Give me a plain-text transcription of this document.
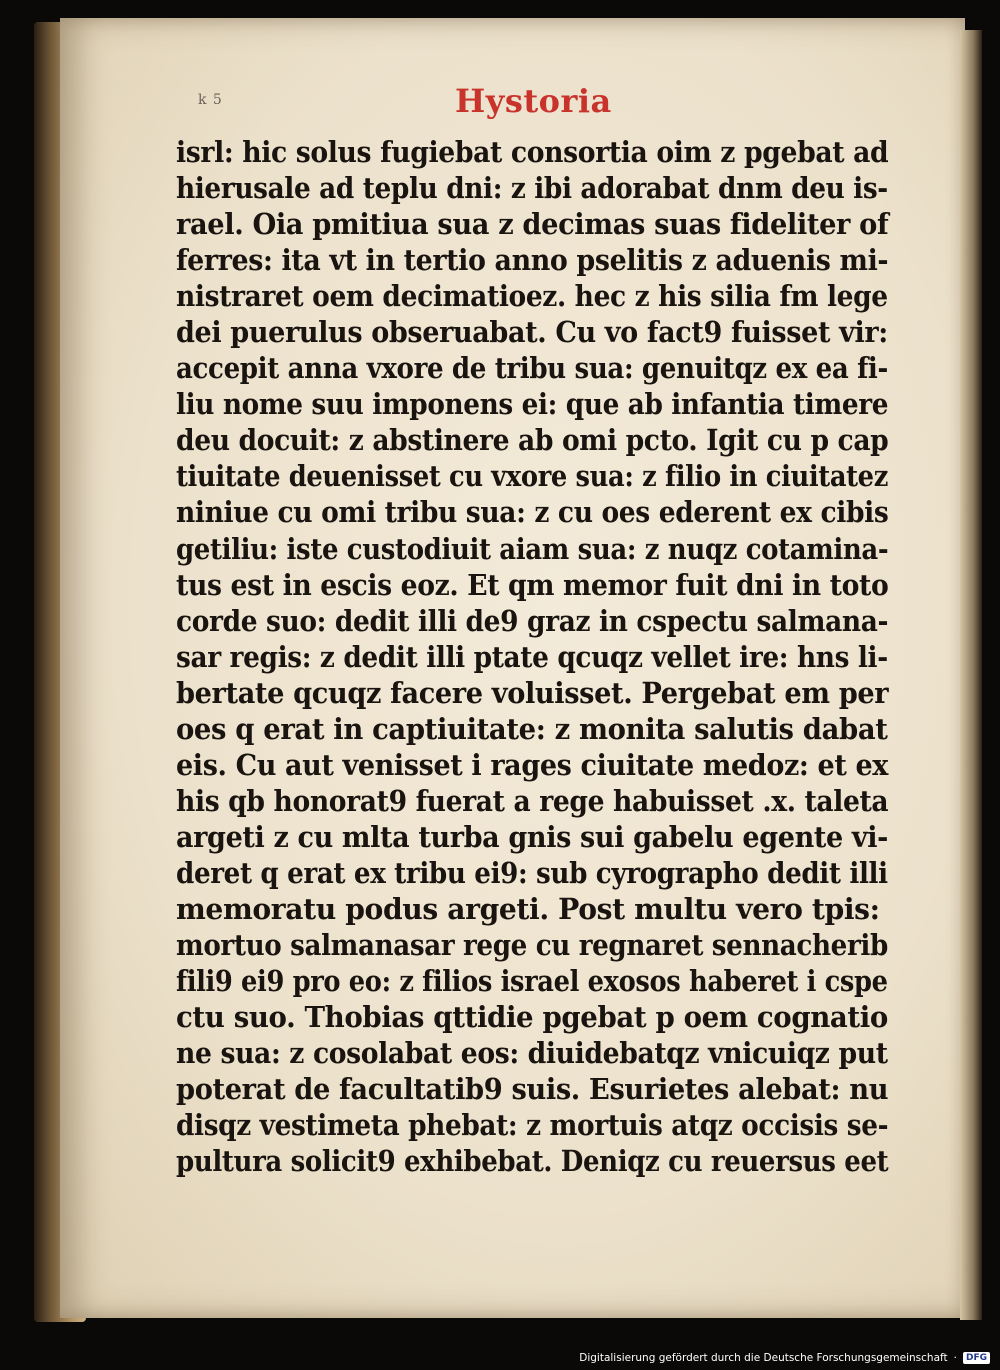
k 5	Hystoria
isrl: hic solus fugiebat consortia oim z pgebat ad
hierusale ad teplu dni: z ibi adorabat dnm deu is-
rael. Oia pmitiua sua z decimas suas fideliter of
ferres: ita vt in tertio anno pselitis z aduenis mi-
nistraret oem decimatioez. hec z his silia fm lege
dei puerulus obseruabat. Cu vo fact9 fuisset vir:
accepit anna vxore de tribu sua: genuitqz ex ea fi-
liu nome suu imponens ei: que ab infantia timere
deu docuit: z abstinere ab omi pcto. Igit cu p cap
tiuitate deuenisset cu vxore sua: z filio in ciuitatez
niniue cu omi tribu sua: z cu oes ederent ex cibis
getiliu: iste custodiuit aiam sua: z nuqz cotamina-
tus est in escis eoz. Et qm memor fuit dni in toto
corde suo: dedit illi de9 graz in cspectu salmana-
sar regis: z dedit illi ptate qcuqz vellet ire: hns li-
bertate qcuqz facere voluisset. Pergebat em per
oes q erat in captiuitate: z monita salutis dabat
eis. Cu aut venisset i rages ciuitate medoz: et ex
his qb honorat9 fuerat a rege habuisset .x. taleta
argeti z cu mlta turba gnis sui gabelu egente vi-
deret q erat ex tribu ei9: sub cyrographo dedit illi
memoratu podus argeti. Post multu vero tpis:
mortuo salmanasar rege cu regnaret sennacherib
fili9 ei9 pro eo: z filios israel exosos haberet i cspe
ctu suo. Thobias qttidie pgebat p oem cognatio
ne sua: z cosolabat eos: diuidebatqz vnicuiqz put
poterat de facultatib9 suis. Esurietes alebat: nu
disqz vestimeta phebat: z mortuis atqz occisis se-
pultura solicit9 exhibebat. Deniqz cu reuersus eet
Digitalisierung gefördert durch die Deutsche Forschungsgemeinschaft ·	DFG
